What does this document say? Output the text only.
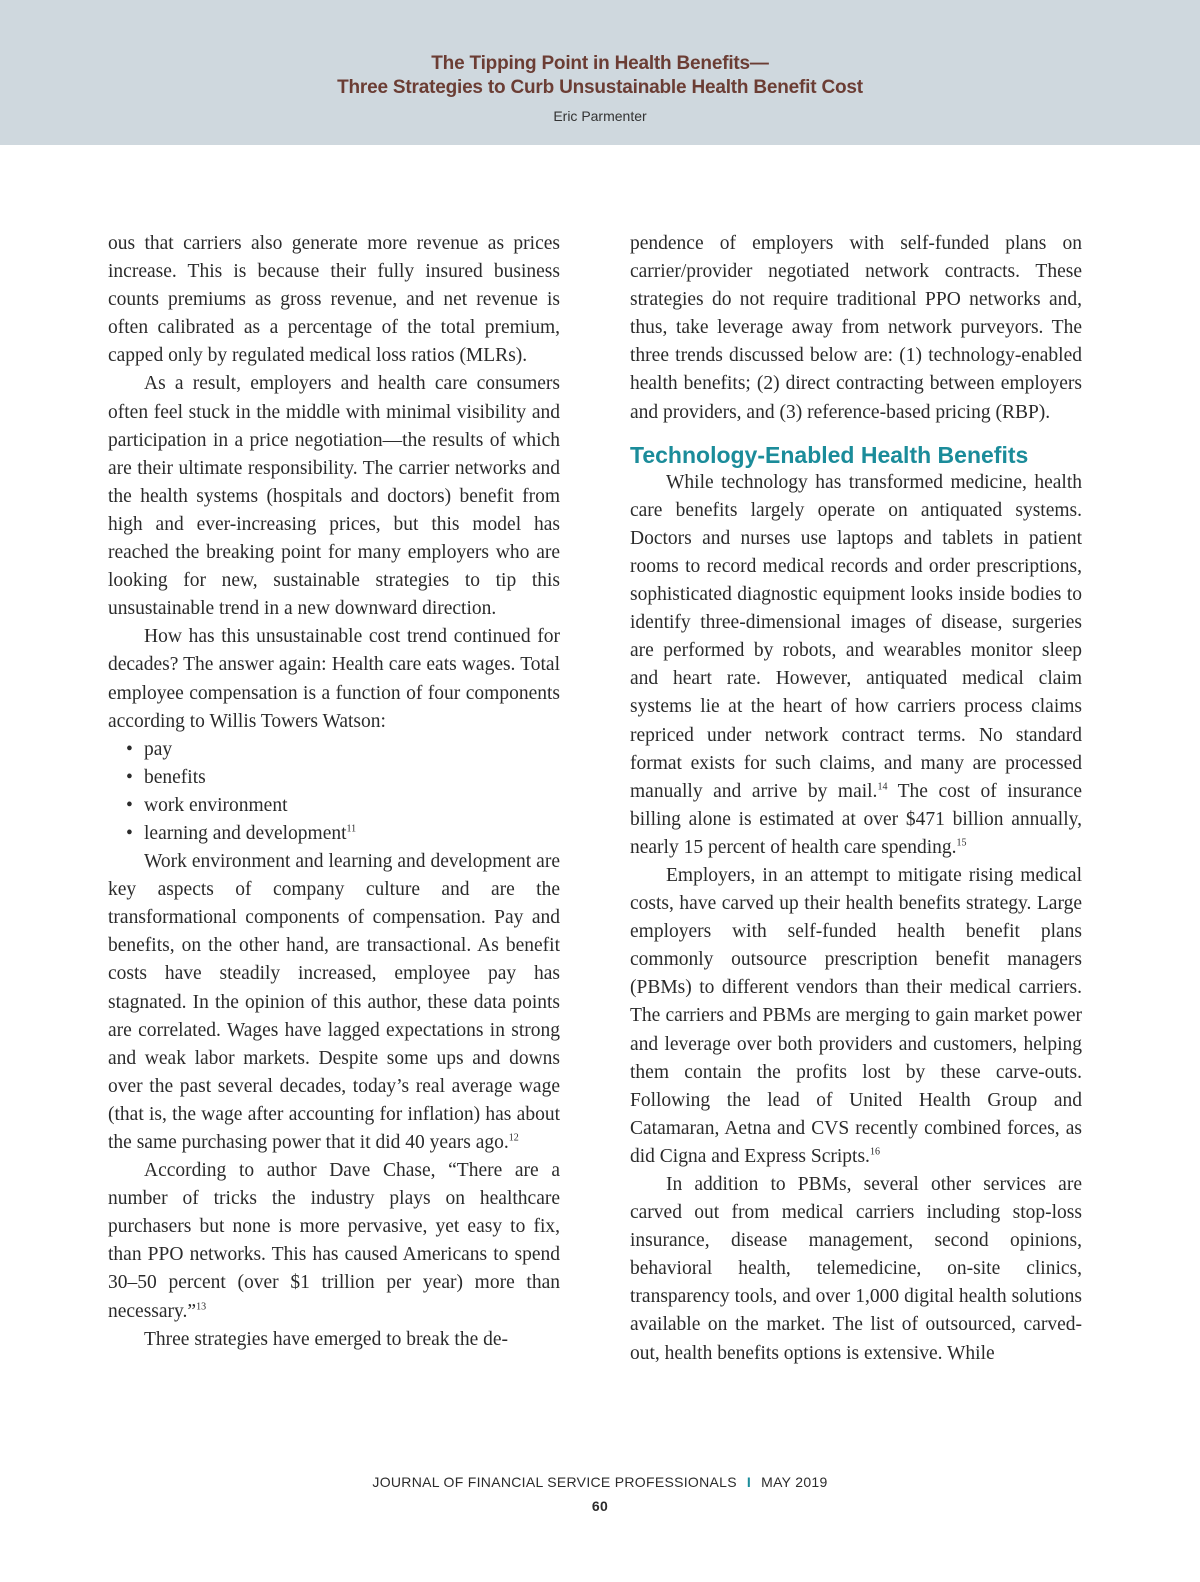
The Tipping Point in Health Benefits—
Three Strategies to Curb Unsustainable Health Benefit Cost
Eric Parmenter

ous that carriers also generate more revenue as prices increase. This is because their fully insured business counts premiums as gross revenue, and net revenue is often calibrated as a percentage of the total premium, capped only by regulated medical loss ratios (MLRs).

As a result, employers and health care consumers often feel stuck in the middle with minimal visibility and participation in a price negotiation—the results of which are their ultimate responsibility. The carrier networks and the health systems (hospitals and doctors) benefit from high and ever-increasing prices, but this model has reached the breaking point for many employers who are looking for new, sustainable strategies to tip this unsustainable trend in a new downward direction.

How has this unsustainable cost trend continued for decades? The answer again: Health care eats wages. Total employee compensation is a function of four components according to Willis Towers Watson:

• pay
• benefits
• work environment
• learning and development$^{11}$

Work environment and learning and development are key aspects of company culture and are the transformational components of compensation. Pay and benefits, on the other hand, are transactional. As benefit costs have steadily increased, employee pay has stagnated. In the opinion of this author, these data points are correlated. Wages have lagged expectations in strong and weak labor markets. Despite some ups and downs over the past several decades, today’s real average wage (that is, the wage after accounting for inflation) has about the same purchasing power that it did 40 years ago.$^{12}$

According to author Dave Chase, “There are a number of tricks the industry plays on healthcare purchasers but none is more pervasive, yet easy to fix, than PPO networks. This has caused Americans to spend 30–50 percent (over $1 trillion per year) more than necessary.”$^{13}$

Three strategies have emerged to break the de-

pendence of employers with self-funded plans on carrier/provider negotiated network contracts. These strategies do not require traditional PPO networks and, thus, take leverage away from network purveyors. The three trends discussed below are: (1) technology-enabled health benefits; (2) direct contracting between employers and providers, and (3) reference-based pricing (RBP).

Technology-Enabled Health Benefits

While technology has transformed medicine, health care benefits largely operate on antiquated systems. Doctors and nurses use laptops and tablets in patient rooms to record medical records and order prescriptions, sophisticated diagnostic equipment looks inside bodies to identify three-dimensional images of disease, surgeries are performed by robots, and wearables monitor sleep and heart rate. However, antiquated medical claim systems lie at the heart of how carriers process claims repriced under network contract terms. No standard format exists for such claims, and many are processed manually and arrive by mail.$^{14}$ The cost of insurance billing alone is estimated at over $471 billion annually, nearly 15 percent of health care spending.$^{15}$

Employers, in an attempt to mitigate rising medical costs, have carved up their health benefits strategy. Large employers with self-funded health benefit plans commonly outsource prescription benefit managers (PBMs) to different vendors than their medical carriers. The carriers and PBMs are merging to gain market power and leverage over both providers and customers, helping them contain the profits lost by these carve-outs. Following the lead of United Health Group and Catamaran, Aetna and CVS recently combined forces, as did Cigna and Express Scripts.$^{16}$

In addition to PBMs, several other services are carved out from medical carriers including stop-loss insurance, disease management, second opinions, behavioral health, telemedicine, on-site clinics, transparency tools, and over 1,000 digital health solutions available on the market. The list of outsourced, carved-out, health benefits options is extensive. While

JOURNAL OF FINANCIAL SERVICE PROFESSIONALS I MAY 2019
60
